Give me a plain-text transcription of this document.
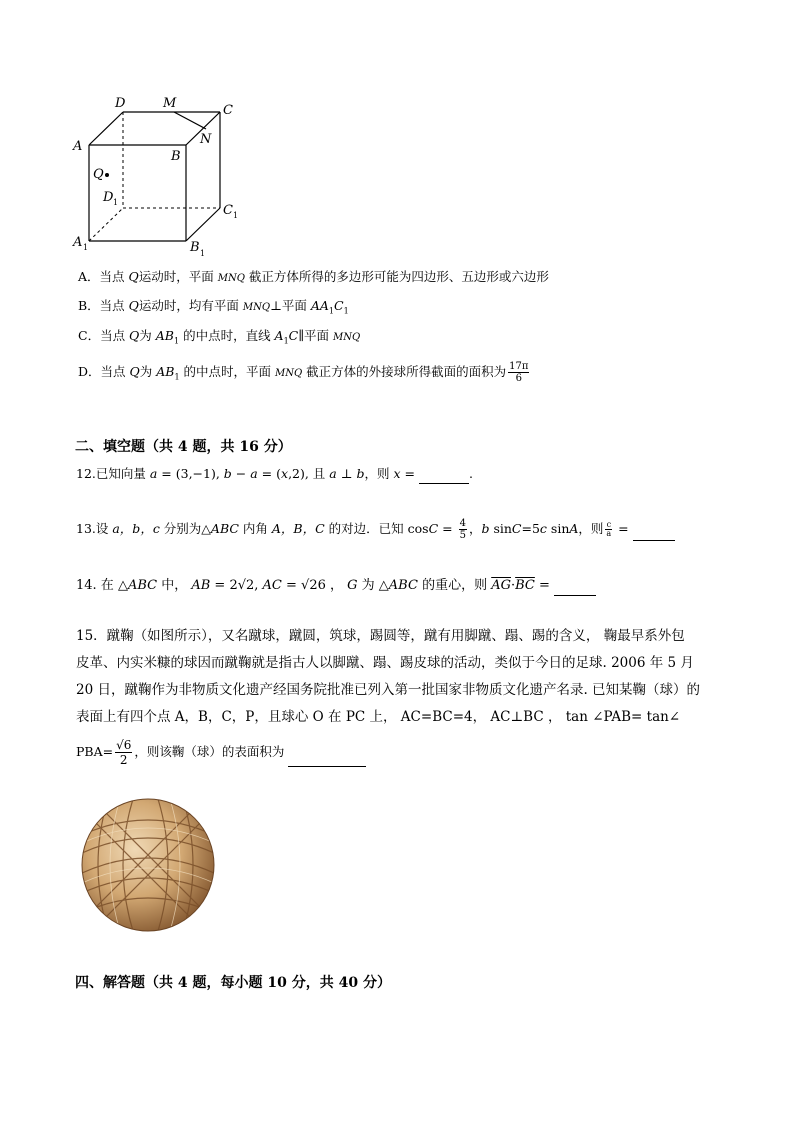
D	M	C
A	N
B
Q
D 1
C 1
A 1	B 1
A．当点 Q运动时，平面 MNQ 截正方体所得的多边形可能为四边形、五边形或六边形
B．当点 Q运动时，均有平面 MNQ⊥平面 $AA_1C_1$
C．当点 Q为 $AB_1$ 的中点时，直线 $A_1C\parallel$平面 MNQ
D．当点 Q为 $AB_1$ 的中点时，平面 MNQ 截正方体的外接球所得截面的面积为 $\frac{17\pi}{6}$
二、填空题（共 4 题，共 16 分）
12.已知向量 a = (3,−1), b − a = (x,2), 且 a ⊥ b，则 x =	.
13.设 a，b，c 分别为△ABC 内角 A，B，C 的对边．已知 $\cos C = \frac{4}{5}$ ，b sinC=5c sinA，则 $\frac{c}{a}$ =
14. 在 △ABC 中， AB = 2√2, AC = √26 ， G 为 △ABC 的重心，则 $\overline{AG}\cdot\overline{BC}$ =
15．蹴鞠（如图所示），又名蹴球，蹴圆，筑球，踢圆等，蹴有用脚蹴、蹋、踢的含义， 鞠最早系外包
皮革、内实米糠的球因而蹴鞠就是指古人以脚蹴、蹋、踢皮球的活动，类似于今日的足球. 2006 年 5 月
20 日，蹴鞠作为非物质文化遗产经国务院批准已列入第一批国家非物质文化遗产名录. 已知某鞠（球）的
表面上有四个点 A，B，C，P，且球心 O 在 PC 上， AC=BC=4， AC⊥BC ， tan ∠PAB= tan∠
$PBA= \frac{√6}{2}$ ，则该鞠（球）的表面积为
四、解答题（共 4 题，每小题 10 分，共 40 分）
